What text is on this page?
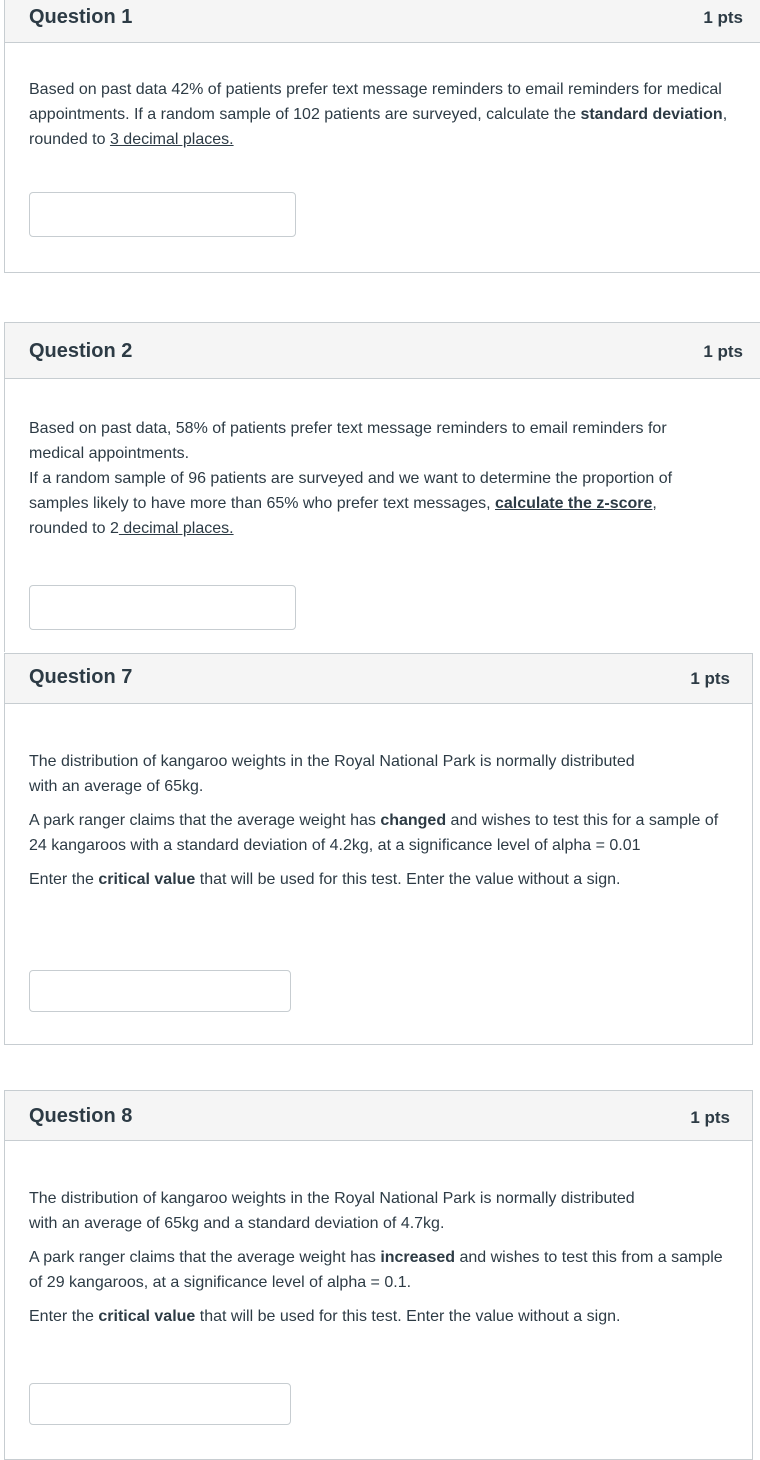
Question 1	1 pts

Based on past data 42% of patients prefer text message reminders to email reminders for medical appointments. If a random sample of 102 patients are surveyed, calculate the standard deviation, rounded to 3 decimal places.

Question 2	1 pts

Based on past data, 58% of patients prefer text message reminders to email reminders for medical appointments.

If a random sample of 96 patients are surveyed and we want to determine the proportion of samples likely to have more than 65% who prefer text messages, calculate the z-score, rounded to 2 decimal places.

Question 7	1 pts

The distribution of kangaroo weights in the Royal National Park is normally distributed with an average of 65kg.

A park ranger claims that the average weight has changed and wishes to test this for a sample of 24 kangaroos with a standard deviation of 4.2kg, at a significance level of alpha = 0.01

Enter the critical value that will be used for this test. Enter the value without a sign.

Question 8	1 pts

The distribution of kangaroo weights in the Royal National Park is normally distributed with an average of 65kg and a standard deviation of 4.7kg.

A park ranger claims that the average weight has increased and wishes to test this from a sample of 29 kangaroos, at a significance level of alpha = 0.1.

Enter the critical value that will be used for this test. Enter the value without a sign.
